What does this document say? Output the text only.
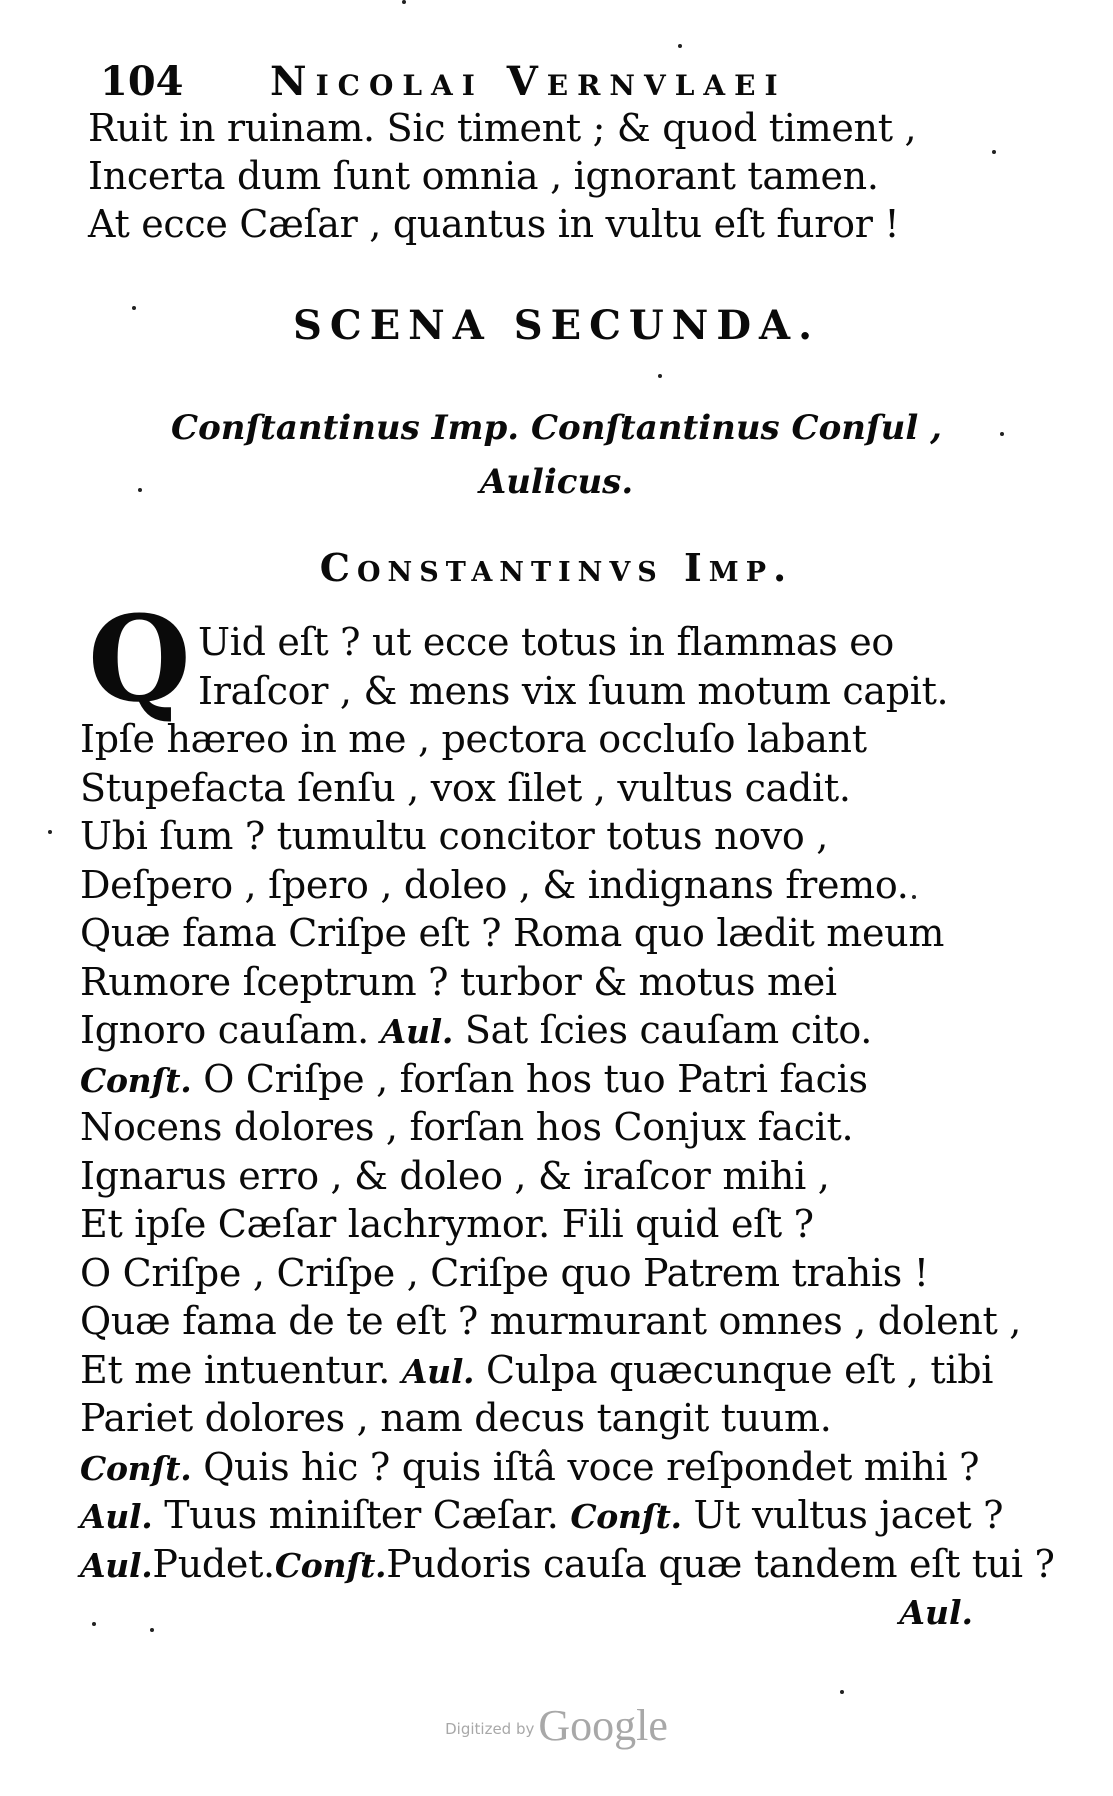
104 Nicolai Vernvlaei
Ruit in ruinam. Sic timent ; & quod timent ,
Incerta dum ſunt omnia , ignorant tamen.
At ecce Cæſar , quantus in vultu eſt furor !
SCENA SECUNDA.
Conſtantinus Imp. Conſtantinus Conſul ,
Aulicus.
Constantinvs Imp.
Q Uid eſt ? ut ecce totus in flammas eo
Iraſcor , & mens vix ſuum motum capit.
Ipſe hæreo in me , pectora occluſo labant
Stupefacta ſenſu , vox ſilet , vultus cadit.
Ubi ſum ? tumultu concitor totus novo ,
Deſpero , ſpero , doleo , & indignans fremo.
Quæ fama Criſpe eſt ? Roma quo lædit meum
Rumore ſceptrum ? turbor & motus mei
Ignoro cauſam. Aul. Sat ſcies cauſam cito.
Conſt. O Criſpe , forſan hos tuo Patri facis
Nocens dolores , forſan hos Conjux facit.
Ignarus erro , & doleo , & iraſcor mihi ,
Et ipſe Cæſar lachrymor. Fili quid eſt ?
O Criſpe , Criſpe , Criſpe quo Patrem trahis !
Quæ fama de te eſt ? murmurant omnes , dolent ,
Et me intuentur. Aul. Culpa quæcunque eſt , tibi
Pariet dolores , nam decus tangit tuum.
Conſt. Quis hic ? quis iſtâ voce reſpondet mihi ?
Aul. Tuus miniſter Cæſar. Conſt. Ut vultus jacet ?
Aul.Pudet.Conſt.Pudoris cauſa quæ tandem eſt tui ?
Aul.
Digitized byGoogle
